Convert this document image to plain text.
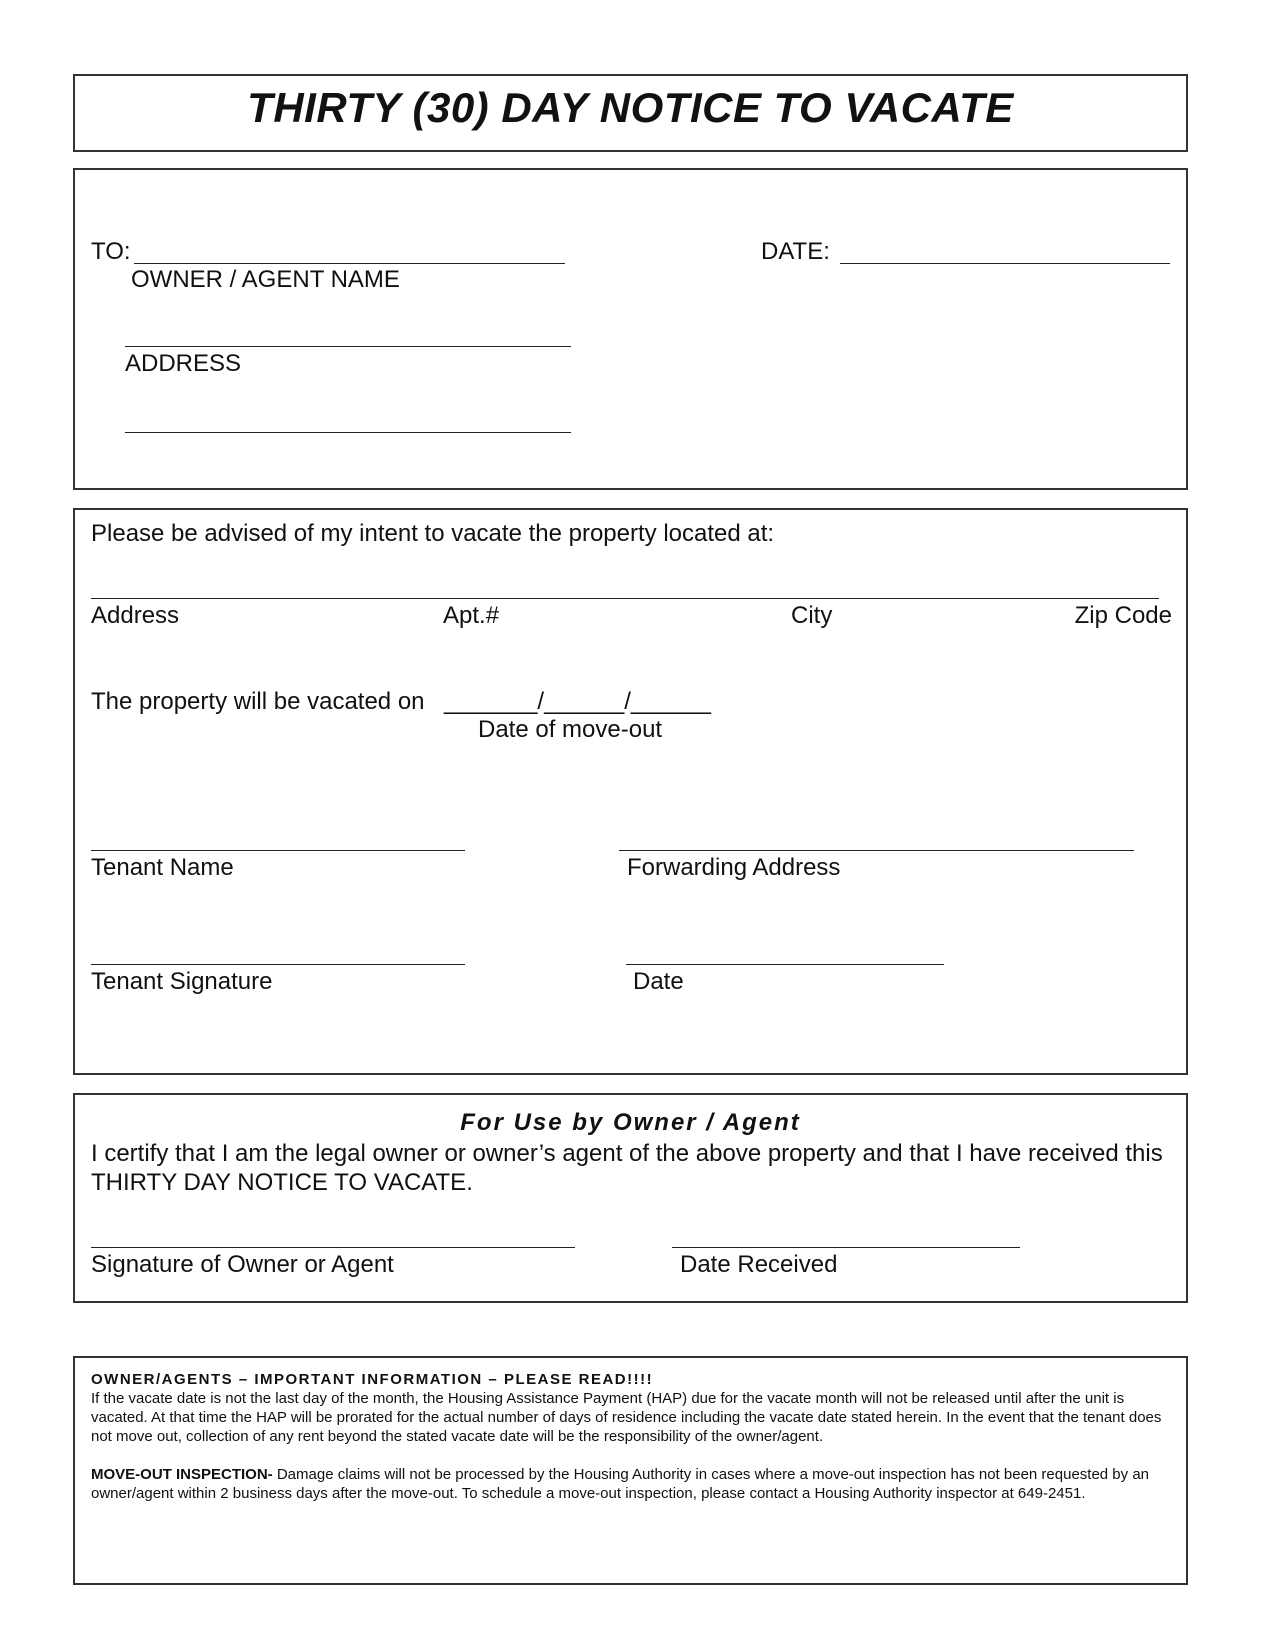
THIRTY (30) DAY NOTICE TO VACATE
TO:
OWNER / AGENT NAME
DATE:
ADDRESS
Please be advised of my intent to vacate the property located at:
Address	Apt.#	City	Zip Code
The property will be vacated on _______/______/______
Date of move-out
Tenant Name	Forwarding Address
Tenant Signature	Date
For Use by Owner / Agent
I certify that I am the legal owner or owner’s agent of the above property and that I have received this THIRTY DAY NOTICE TO VACATE.
Signature of Owner or Agent	Date Received

OWNER/AGENTS – IMPORTANT INFORMATION – PLEASE READ!!!!

If the vacate date is not the last day of the month, the Housing Assistance Payment (HAP) due for the vacate month will not be released until after the unit is vacated. At that time the HAP will be prorated for the actual number of days of residence including the vacate date stated herein. In the event that the tenant does not move out, collection of any rent beyond the stated vacate date will be the responsibility of the owner/agent.

MOVE-OUT INSPECTION- Damage claims will not be processed by the Housing Authority in cases where a move-out inspection has not been requested by an owner/agent within 2 business days after the move-out. To schedule a move-out inspection, please contact a Housing Authority inspector at 649-2451.
